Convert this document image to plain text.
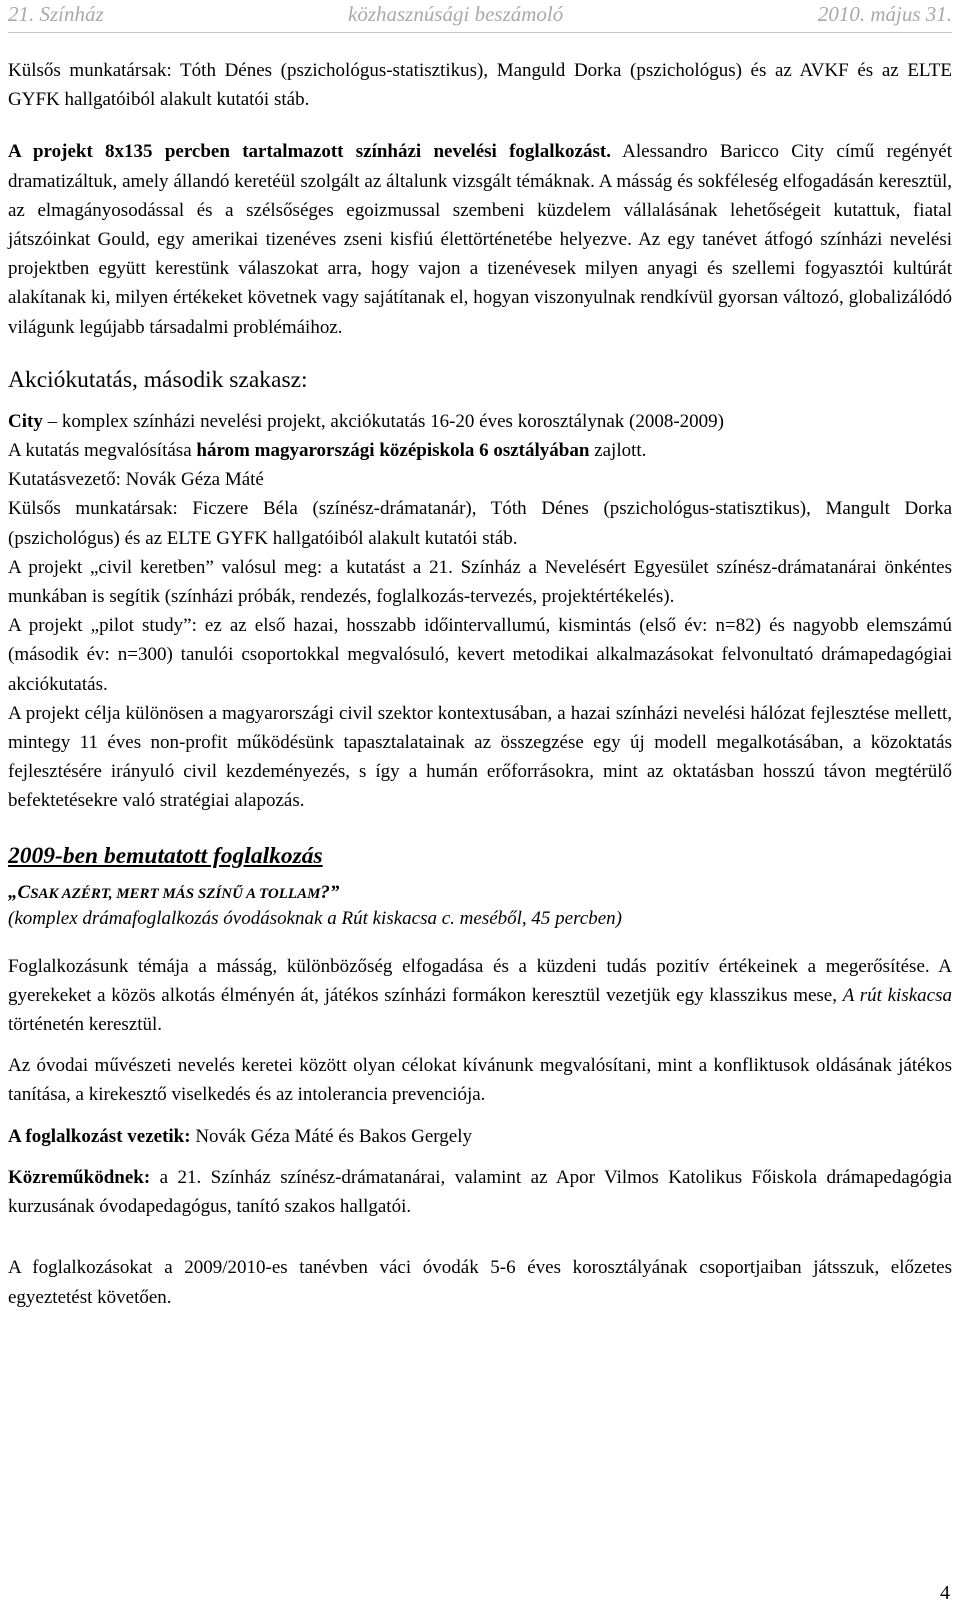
21. Színház	közhasznúsági beszámoló	2010. május 31.

Külsős munkatársak: Tóth Dénes (pszichológus-statisztikus), Manguld Dorka (pszichológus) és az AVKF és az ELTE GYFK hallgatóiból alakult kutatói stáb.

A projekt 8x135 percben tartalmazott színházi nevelési foglalkozást. Alessandro Baricco City című regényét dramatizáltuk, amely állandó keretéül szolgált az általunk vizsgált témáknak. A másság és sokféleség elfogadásán keresztül, az elmagányosodással és a szélsőséges egoizmussal szembeni küzdelem vállalásának lehetőségeit kutattuk, fiatal játszóinkat Gould, egy amerikai tizenéves zseni kisfiú élettörténetébe helyezve. Az egy tanévet átfogó színházi nevelési projektben együtt kerestünk válaszokat arra, hogy vajon a tizenévesek milyen anyagi és szellemi fogyasztói kultúrát alakítanak ki, milyen értékeket követnek vagy sajátítanak el, hogyan viszonyulnak rendkívül gyorsan változó, globalizálódó világunk legújabb társadalmi problémáihoz.

Akciókutatás, második szakasz:

City – komplex színházi nevelési projekt, akciókutatás 16-20 éves korosztálynak (2008-2009)

A kutatás megvalósítása három magyarországi középiskola 6 osztályában zajlott.

Kutatásvezető: Novák Géza Máté

Külsős munkatársak: Ficzere Béla (színész-drámatanár), Tóth Dénes (pszichológus-statisztikus), Mangult Dorka (pszichológus) és az ELTE GYFK hallgatóiból alakult kutatói stáb.

A projekt „civil keretben” valósul meg: a kutatást a 21. Színház a Nevelésért Egyesület színész-drámatanárai önkéntes munkában is segítik (színházi próbák, rendezés, foglalkozás-tervezés, projektértékelés).

A projekt „pilot study”: ez az első hazai, hosszabb időintervallumú, kismintás (első év: n=82) és nagyobb elemszámú (második év: n=300) tanulói csoportokkal megvalósuló, kevert metodikai alkalmazásokat felvonultató drámapedagógiai akciókutatás.

A projekt célja különösen a magyarországi civil szektor kontextusában, a hazai színházi nevelési hálózat fejlesztése mellett, mintegy 11 éves non-profit működésünk tapasztalatainak az összegzése egy új modell megalkotásában, a közoktatás fejlesztésére irányuló civil kezdeményezés, s így a humán erőforrásokra, mint az oktatásban hosszú távon megtérülő befektetésekre való stratégiai alapozás.

2009-ben bemutatott foglalkozás

„CSAK AZÉRT, MERT MÁS SZÍNŰ A TOLLAM?”

(komplex drámafoglalkozás óvodásoknak a Rút kiskacsa c. meséből, 45 percben)

Foglalkozásunk témája a másság, különbözőség elfogadása és a küzdeni tudás pozitív értékeinek a megerősítése. A gyerekeket a közös alkotás élményén át, játékos színházi formákon keresztül vezetjük egy klasszikus mese, A rút kiskacsa történetén keresztül.

Az óvodai művészeti nevelés keretei között olyan célokat kívánunk megvalósítani, mint a konfliktusok oldásának játékos tanítása, a kirekesztő viselkedés és az intolerancia prevenciója.

A foglalkozást vezetik: Novák Géza Máté és Bakos Gergely

Közreműködnek: a 21. Színház színész-drámatanárai, valamint az Apor Vilmos Katolikus Főiskola drámapedagógia kurzusának óvodapedagógus, tanító szakos hallgatói.

A foglalkozásokat a 2009/2010-es tanévben váci óvodák 5-6 éves korosztályának csoportjaiban játsszuk, előzetes egyeztetést követően.

4
